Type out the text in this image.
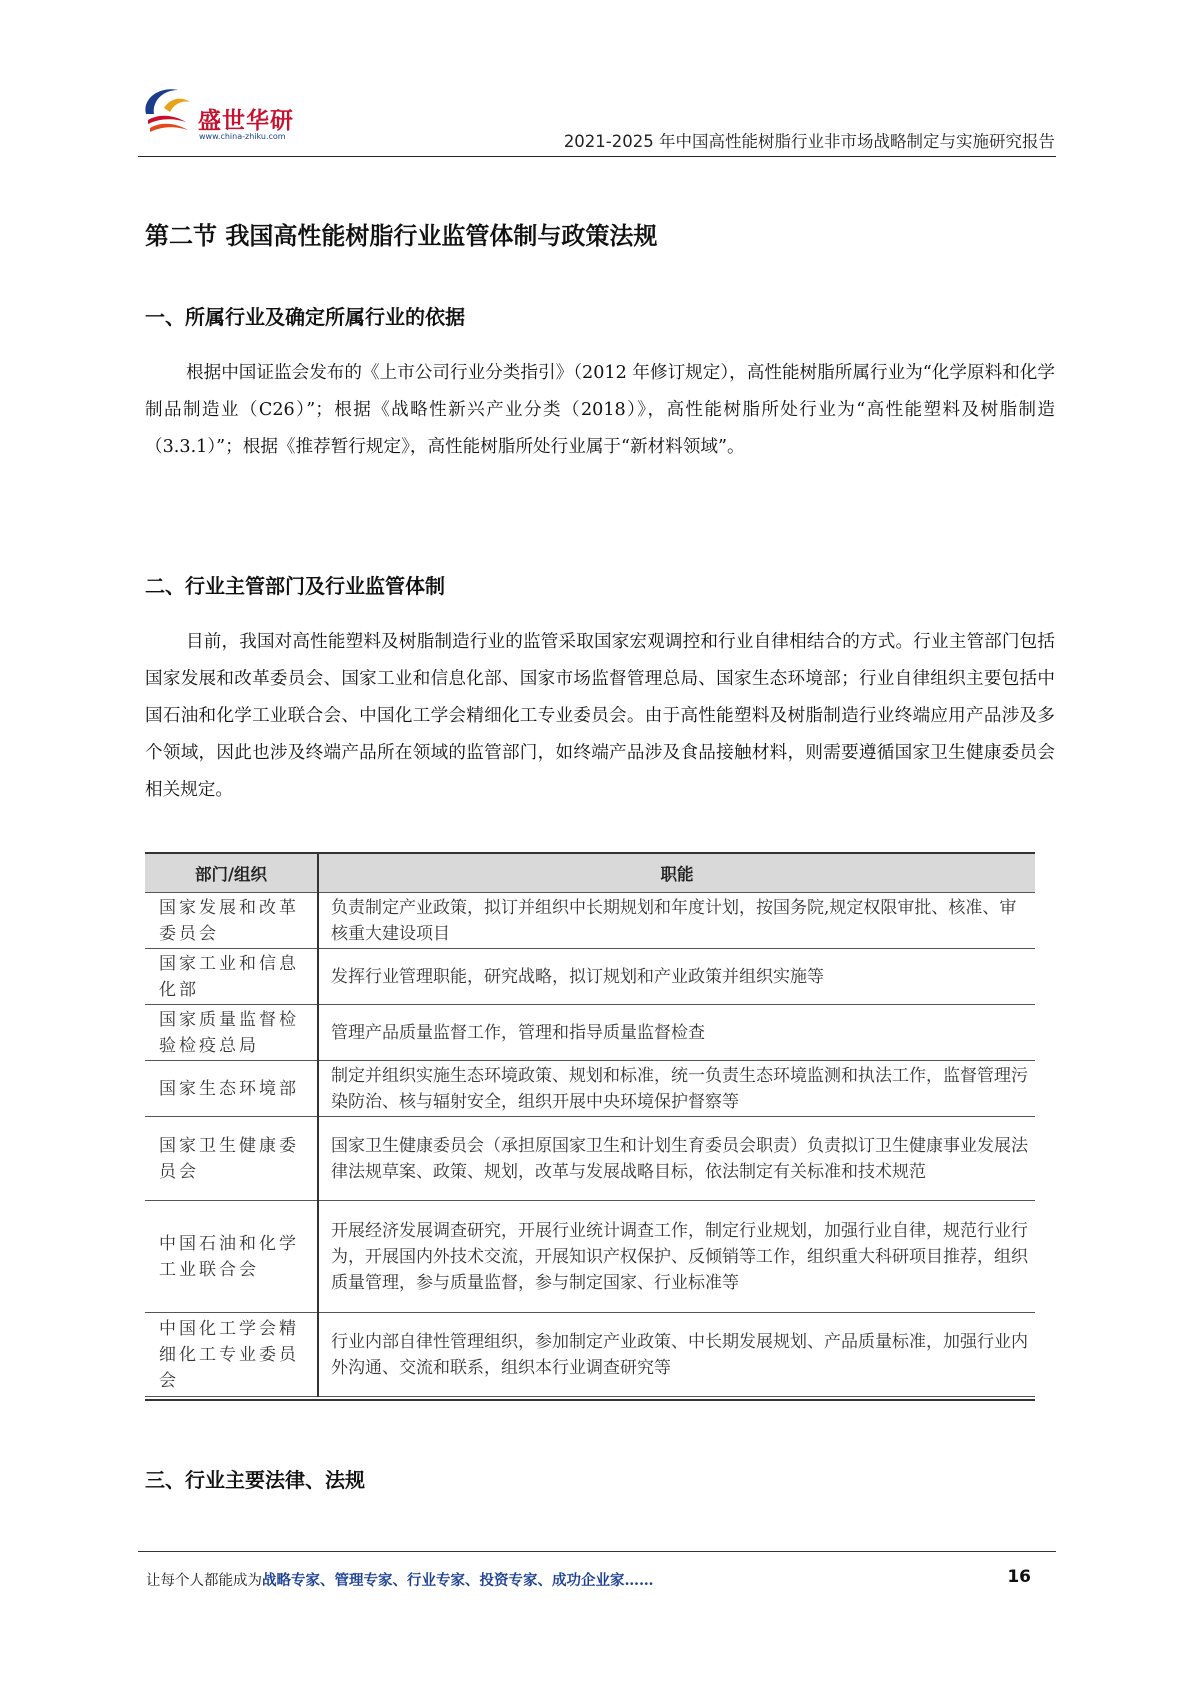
盛世华研
www.china-zhiku.com	2021-2025 年中国高性能树脂行业非市场战略制定与实施研究报告
第二节 我国高性能树脂行业监管体制与政策法规
一、所属行业及确定所属行业的依据
根据中国证监会发布的《上市公司行业分类指引》（2012 年修订规定），高性能树脂所属行业为“化学原料和化学制品制造业（C26）”；根据《战略性新兴产业分类（2018）》，高性能树脂所处行业为“高性能塑料及树脂制造（3.3.1）”；根据《推荐暂行规定》，高性能树脂所处行业属于“新材料领域”。
二、行业主管部门及行业监管体制
目前，我国对高性能塑料及树脂制造行业的监管采取国家宏观调控和行业自律相结合的方式。行业主管部门包括国家发展和改革委员会、国家工业和信息化部、国家市场监督管理总局、国家生态环境部；行业自律组织主要包括中国石油和化学工业联合会、中国化工学会精细化工专业委员会。由于高性能塑料及树脂制造行业终端应用产品涉及多个领域，因此也涉及终端产品所在领域的监管部门，如终端产品涉及食品接触材料，则需要遵循国家卫生健康委员会相关规定。
部门/组织	职能
国家发展和改革委员会	负责制定产业政策，拟订并组织中长期规划和年度计划，按国务院,规定权限审批、核准、审核重大建设项目
国家工业和信息化部	发挥行业管理职能，研究战略，拟订规划和产业政策并组织实施等
国家质量监督检验检疫总局	管理产品质量监督工作，管理和指导质量监督检查
国家生态环境部	制定并组织实施生态环境政策、规划和标准，统一负责生态环境监测和执法工作，监督管理污染防治、核与辐射安全，组织开展中央环境保护督察等
国家卫生健康委员会	国家卫生健康委员会（承担原国家卫生和计划生育委员会职责）负责拟订卫生健康事业发展法律法规草案、政策、规划，改革与发展战略目标，依法制定有关标准和技术规范
中国石油和化学工业联合会	开展经济发展调查研究，开展行业统计调查工作，制定行业规划，加强行业自律，规范行业行为，开展国内外技术交流，开展知识产权保护、反倾销等工作，组织重大科研项目推荐，组织质量管理，参与质量监督，参与制定国家、行业标准等
中国化工学会精细化工专业委员会	行业内部自律性管理组织，参加制定产业政策、中长期发展规划、产品质量标准，加强行业内外沟通、交流和联系，组织本行业调查研究等
三、行业主要法律、法规
让每个人都能成为战略专家、管理专家、行业专家、投资专家、成功企业家……	16
